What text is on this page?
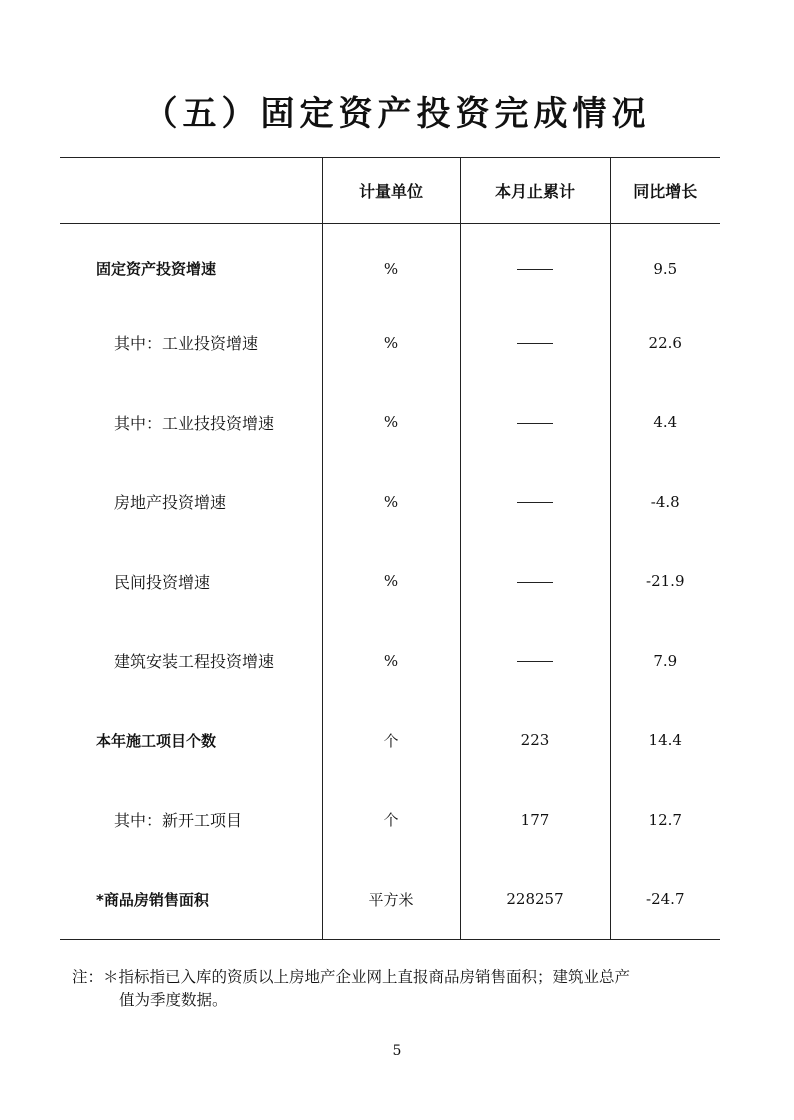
（五）固定资产投资完成情况
	计量单位	本月止累计	同比增长
固定资产投资增速	%		9.5
其中：工业投资增速	%		22.6
其中：工业技投资增速	%		4.4
房地产投资增速	%		-4.8
民间投资增速	%		-21.9
建筑安装工程投资增速	%		7.9
本年施工项目个数	个	223	14.4
其中：新开工项目	个	177	12.7
*商品房销售面积	平方米	228257	-24.7
注：＊指标指已入库的资质以上房地产企业网上直报商品房销售面积；建筑业总产
值为季度数据。
5
